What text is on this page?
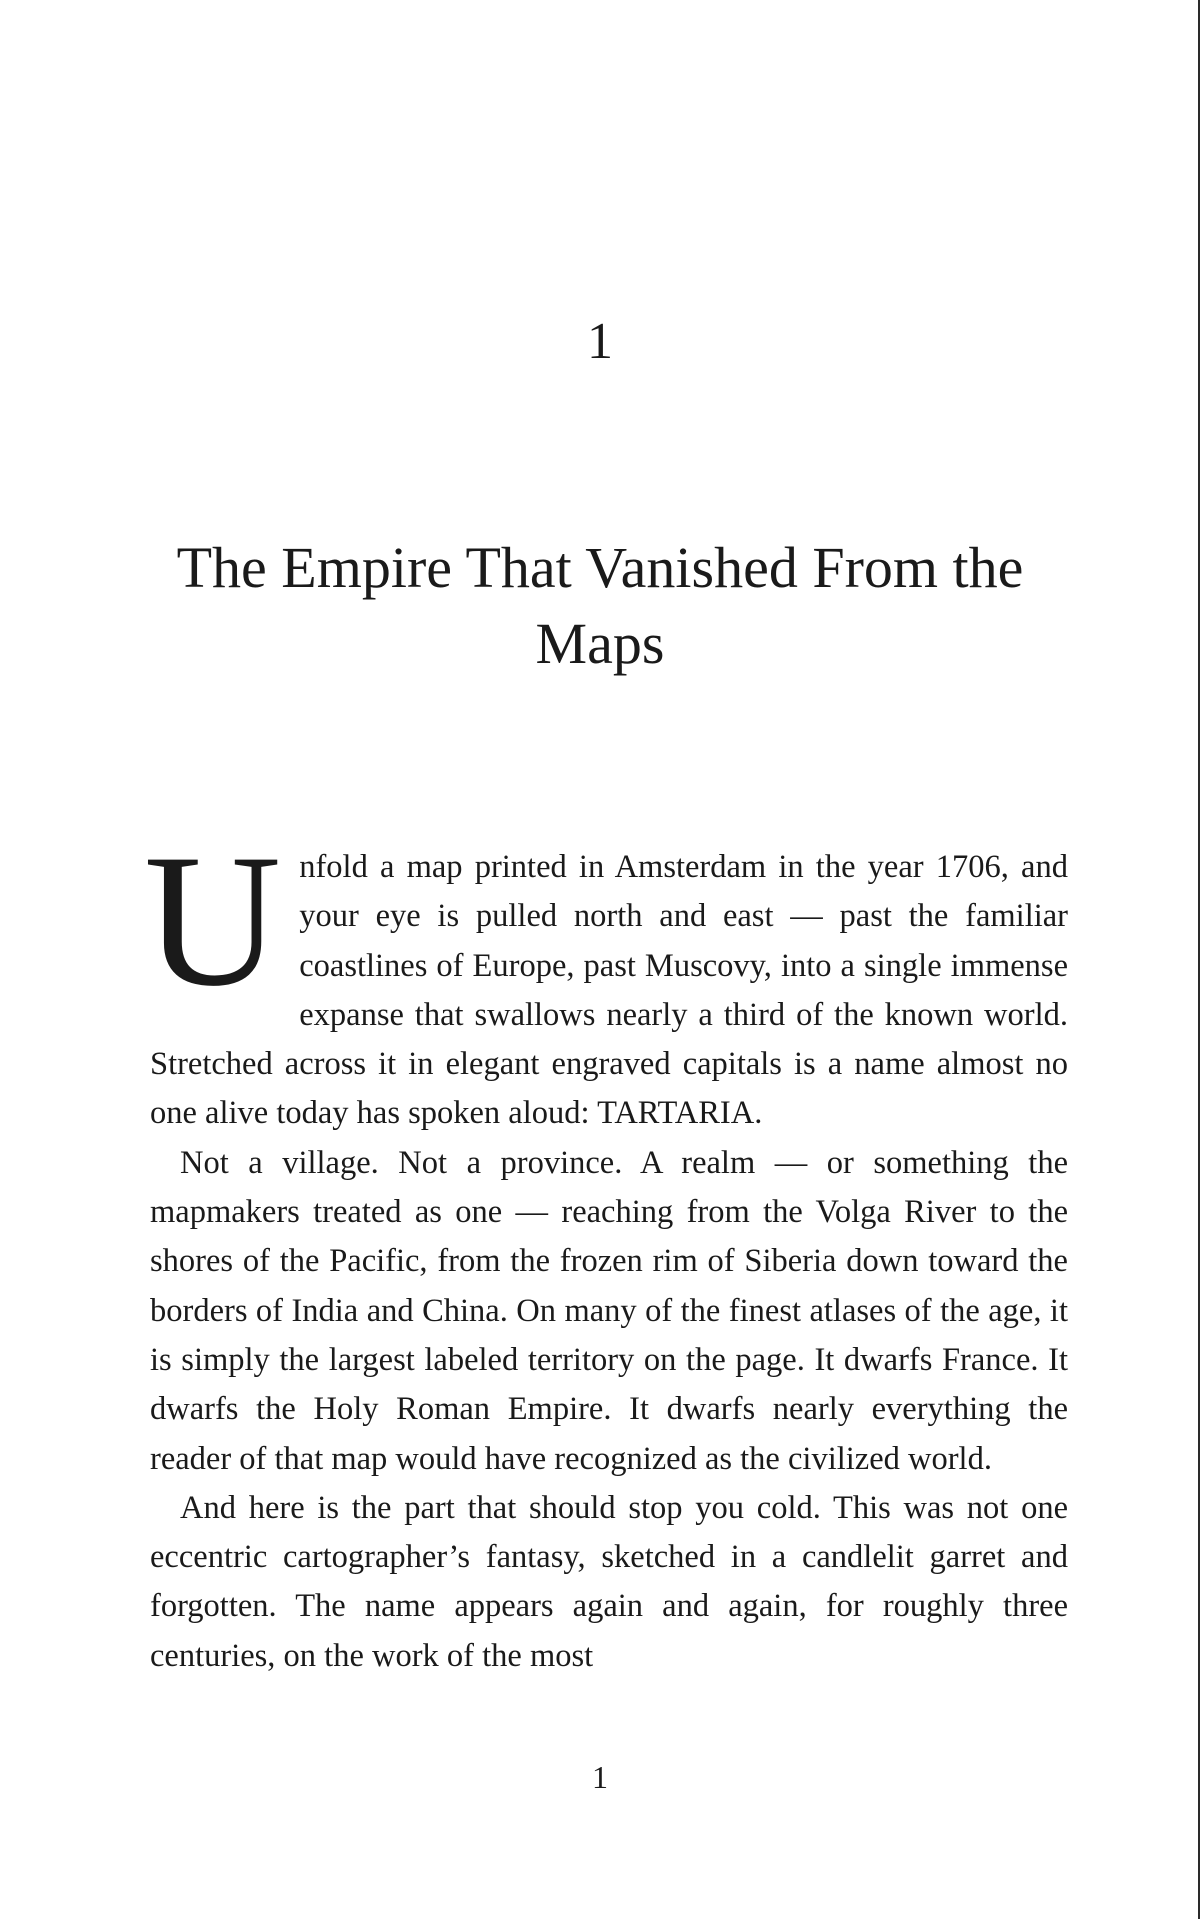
1
The Empire That Vanished From the Maps

Unfold a map printed in Amsterdam in the year 1706, and your eye is pulled north and east — past the familiar coastlines of Europe, past Muscovy, into a single immense expanse that swallows nearly a third of the known world. Stretched across it in elegant engraved capitals is a name almost no one alive today has spoken aloud: TARTARIA.

Not a village. Not a province. A realm — or something the mapmakers treated as one — reaching from the Volga River to the shores of the Pacific, from the frozen rim of Siberia down toward the borders of India and China. On many of the finest atlases of the age, it is simply the largest labeled territory on the page. It dwarfs France. It dwarfs the Holy Roman Empire. It dwarfs nearly everything the reader of that map would have recognized as the civilized world.

And here is the part that should stop you cold. This was not one eccentric cartographer’s fantasy, sketched in a candlelit garret and forgotten. The name appears again and again, for roughly three centuries, on the work of the most

1
